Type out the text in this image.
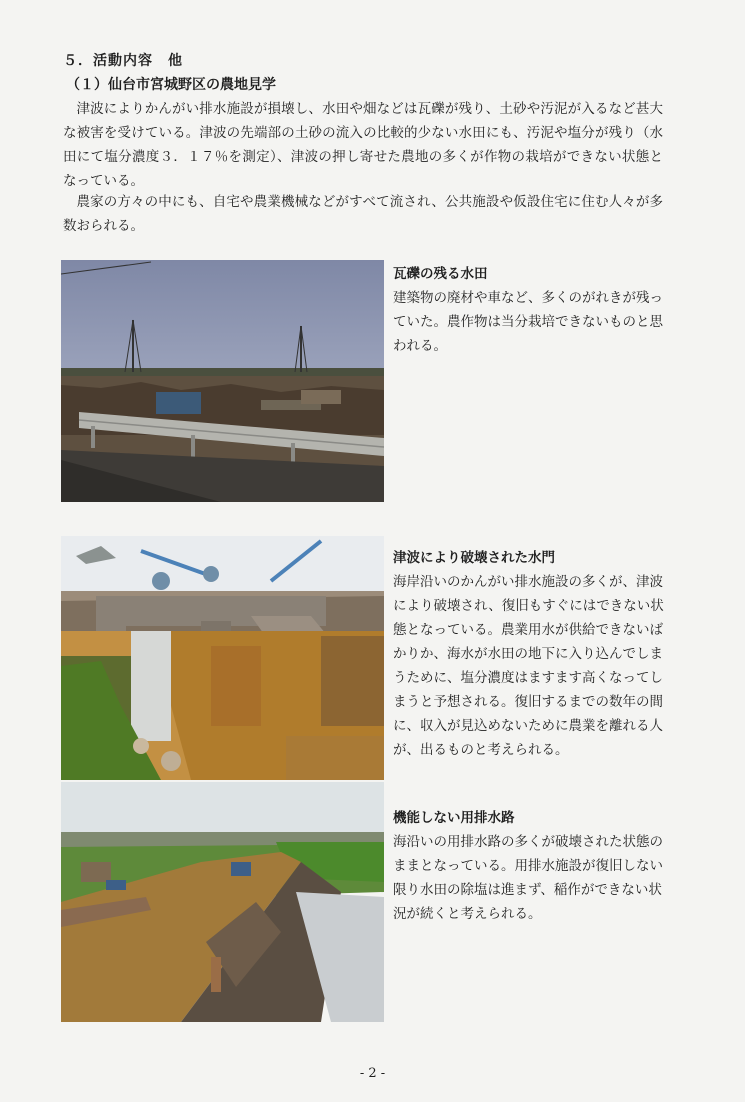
５．活動内容　他
（１）仙台市宮城野区の農地見学
津波によりかんがい排水施設が損壊し、水田や畑などは瓦礫が残り、土砂や汚泥が入るなど甚大な被害を受けている。津波の先端部の土砂の流入の比較的少ない水田にも、汚泥や塩分が残り（水田にて塩分濃度３．１７％を測定）、津波の押し寄せた農地の多くが作物の栽培ができない状態となっている。
農家の方々の中にも、自宅や農業機械などがすべて流され、公共施設や仮設住宅に住む人々が多数おられる。
瓦礫の残る水田
建築物の廃材や車など、多くのがれきが残っていた。農作物は当分栽培できないものと思われる。
津波により破壊された水門
海岸沿いのかんがい排水施設の多くが、津波により破壊され、復旧もすぐにはできない状態となっている。農業用水が供給できないばかりか、海水が水田の地下に入り込んでしまうために、塩分濃度はますます高くなってしまうと予想される。復旧するまでの数年の間に、収入が見込めないために農業を離れる人が、出るものと考えられる。
機能しない用排水路
海沿いの用排水路の多くが破壊された状態のままとなっている。用排水施設が復旧しない限り水田の除塩は進まず、稲作ができない状況が続くと考えられる。
- 2 -
